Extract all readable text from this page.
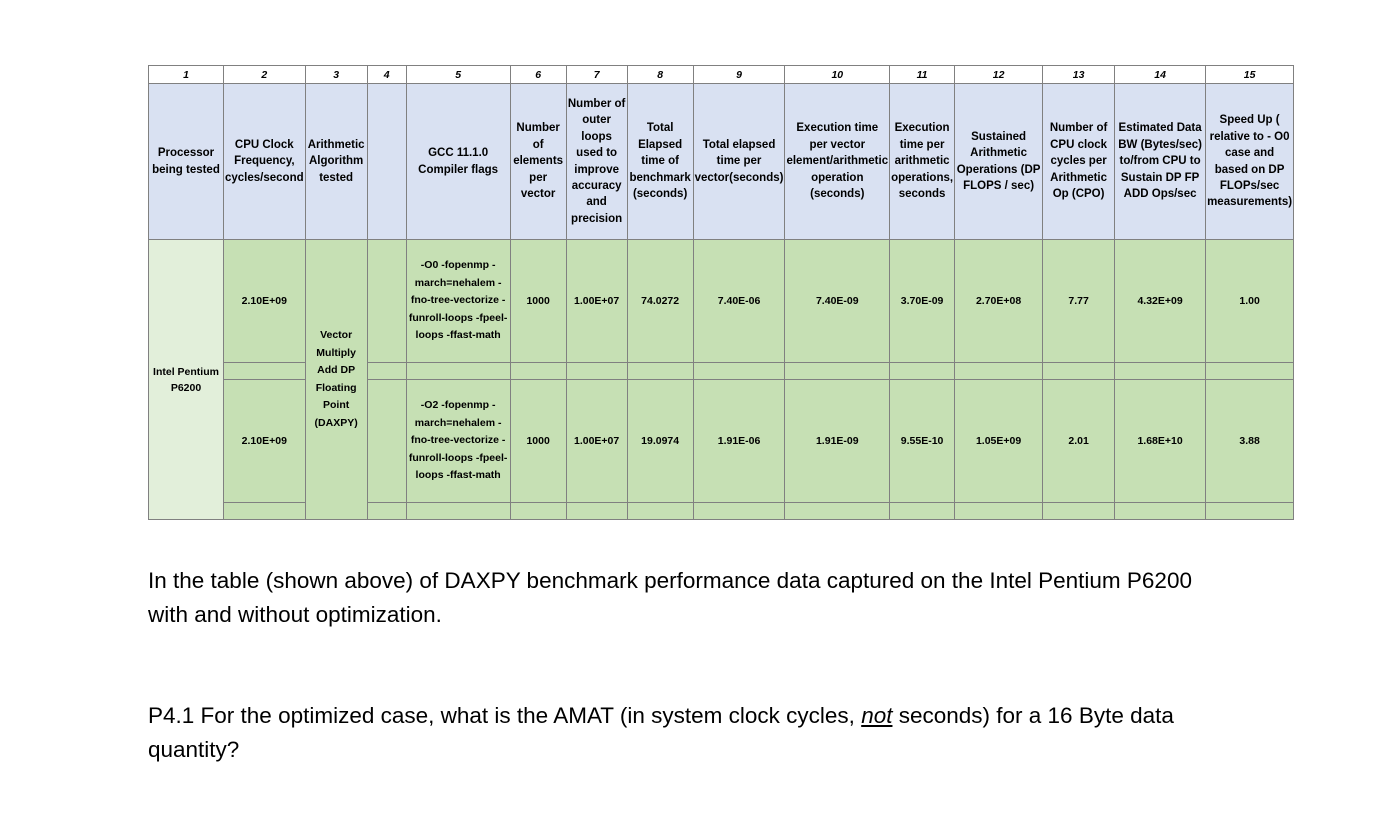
1	2	3	4	5	6	7	8	9	10	11	12	13	14	15
Processor being tested	CPU Clock Frequency, cycles/second	Arithmetic Algorithm tested		GCC 11.1.0 Compiler flags	Number of elements per vector	Number of outer loops used to improve accuracy and precision	Total Elapsed time of benchmark (seconds)	Total elapsed time per vector(seconds)	Execution time per vector element/arithmetic operation (seconds)	Execution time per arithmetic operations, seconds	Sustained Arithmetic Operations (DP FLOPS / sec)	Number of CPU clock cycles per Arithmetic Op (CPO)	Estimated Data BW (Bytes/sec) to/from CPU to Sustain DP FP ADD Ops/sec	Speed Up ( relative to - O0 case and based on DP FLOPs/sec measurements)
Intel Pentium P6200	2.10E+09	Vector Multiply Add DP Floating Point (DAXPY)		-O0 -fopenmp -march=nehalem -fno-tree-vectorize -funroll-loops -fpeel-loops -ffast-math	1000	1.00E+07	74.0272	7.40E-06	7.40E-09	3.70E-09	2.70E+08	7.77	4.32E+09	1.00

	2.10E+09			-O2 -fopenmp -march=nehalem -fno-tree-vectorize -funroll-loops -fpeel-loops -ffast-math	1000	1.00E+07	19.0974	1.91E-06	1.91E-09	9.55E-10	1.05E+09	2.01	1.68E+10	3.88

In the table (shown above) of DAXPY benchmark performance data captured on the Intel Pentium P6200 with and without optimization.

P4.1 For the optimized case, what is the AMAT (in system clock cycles, not seconds) for a 16 Byte data quantity?
